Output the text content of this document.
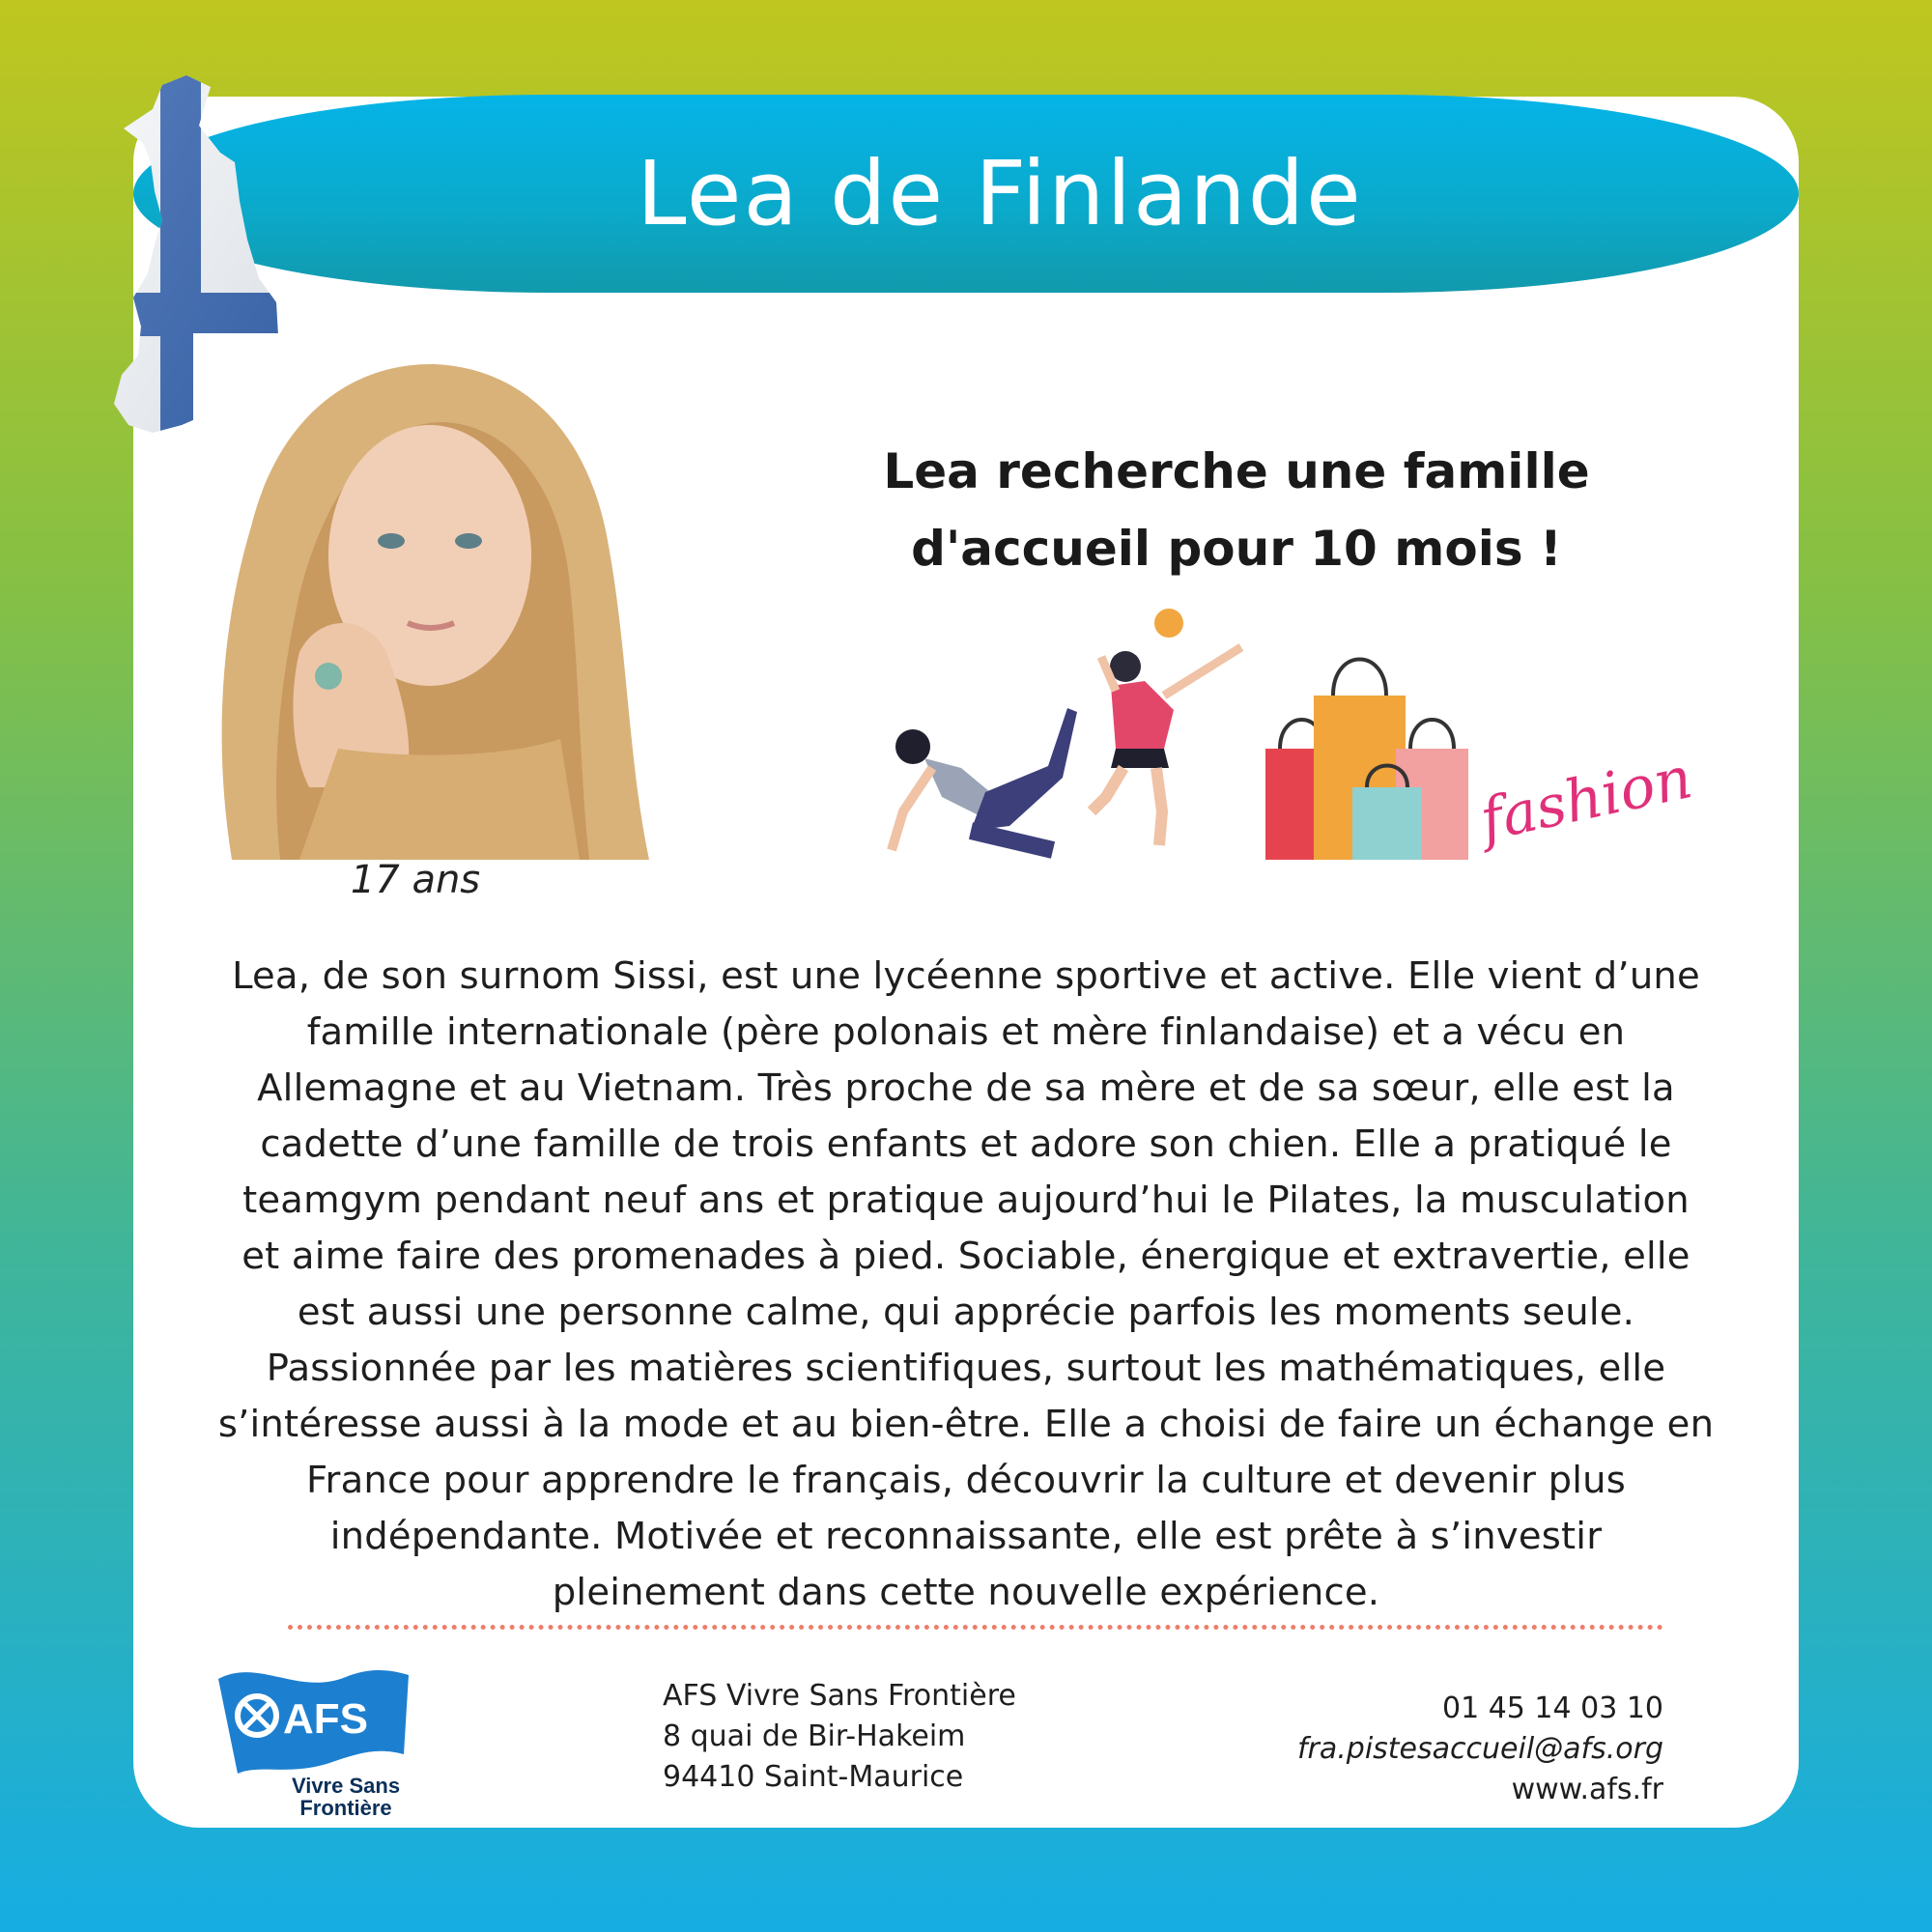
Lea de Finlande
17 ans
Lea recherche une famille
d'accueil pour 10 mois !
fashion
Lea, de son surnom Sissi, est une lycéenne sportive et active. Elle vient d’une
famille internationale (père polonais et mère finlandaise) et a vécu en
Allemagne et au Vietnam. Très proche de sa mère et de sa sœur, elle est la
cadette d’une famille de trois enfants et adore son chien. Elle a pratiqué le
teamgym pendant neuf ans et pratique aujourd’hui le Pilates, la musculation
et aime faire des promenades à pied. Sociable, énergique et extravertie, elle
est aussi une personne calme, qui apprécie parfois les moments seule.
Passionnée par les matières scientifiques, surtout les mathématiques, elle
s’intéresse aussi à la mode et au bien-être. Elle a choisi de faire un échange en
France pour apprendre le français, découvrir la culture et devenir plus
indépendante. Motivée et reconnaissante, elle est prête à s’investir
pleinement dans cette nouvelle expérience.
AFS
Vivre Sans
Frontière
AFS Vivre Sans Frontière
8 quai de Bir-Hakeim
94410 Saint-Maurice
01 45 14 03 10
fra.pistesaccueil@afs.org
www.afs.fr
